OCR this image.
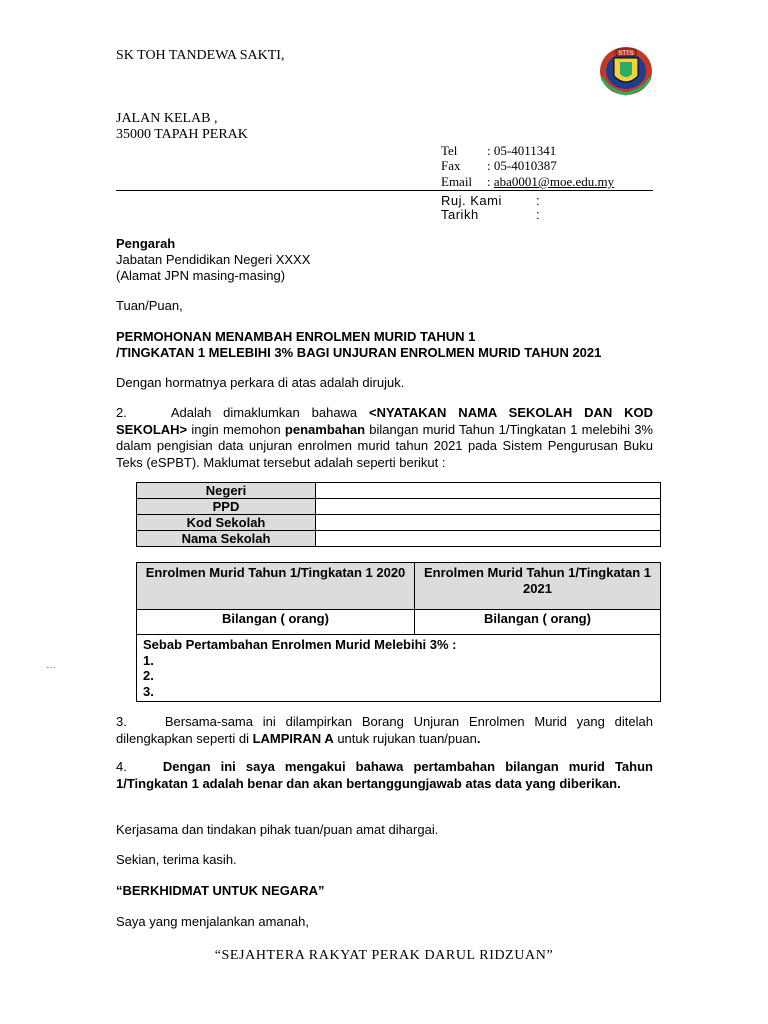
SK TOH TANDEWA SAKTI,
JALAN KELAB ,
35000 TAPAH PERAK
STTS
Tel : 05-4011341
Fax : 05-4010387
Email : aba0001@moe.edu.my
Ruj. Kami	:
Tarikh	:
Pengarah
Jabatan Pendidikan Negeri XXXX
(Alamat JPN masing-masing)
Tuan/Puan,
PERMOHONAN MENAMBAH ENROLMEN MURID TAHUN 1
/TINGKATAN 1 MELEBIHI 3% BAGI UNJURAN ENROLMEN MURID TAHUN 2021
Dengan hormatnya perkara di atas adalah dirujuk.
2.	Adalah dimaklumkan bahawa <NYATAKAN NAMA SEKOLAH DAN KOD SEKOLAH> ingin memohon penambahan bilangan murid Tahun 1/Tingkatan 1 melebihi 3% dalam pengisian data unjuran enrolmen murid tahun 2021 pada Sistem Pengurusan Buku Teks (eSPBT). Maklumat tersebut adalah seperti berikut :
Negeri	
PPD	
Kod Sekolah	
Nama Sekolah	
Enrolmen Murid Tahun 1/Tingkatan 1 2020	Enrolmen Murid Tahun 1/Tingkatan 1
2021
Bilangan ( orang)	Bilangan ( orang)

Sebab Pertambahan Enrolmen Murid Melebihi 3% :
1.
2.
3.	
…
3.	Bersama-sama ini dilampirkan Borang Unjuran Enrolmen Murid yang ditelah dilengkapkan seperti di LAMPIRAN A untuk rujukan tuan/puan.
4.	Dengan ini saya mengakui bahawa pertambahan bilangan murid Tahun 1/Tingkatan 1 adalah benar dan akan bertanggungjawab atas data yang diberikan.
Kerjasama dan tindakan pihak tuan/puan amat dihargai.
Sekian, terima kasih.
“BERKHIDMAT UNTUK NEGARA”
Saya yang menjalankan amanah,
“SEJAHTERA RAKYAT PERAK DARUL RIDZUAN”
